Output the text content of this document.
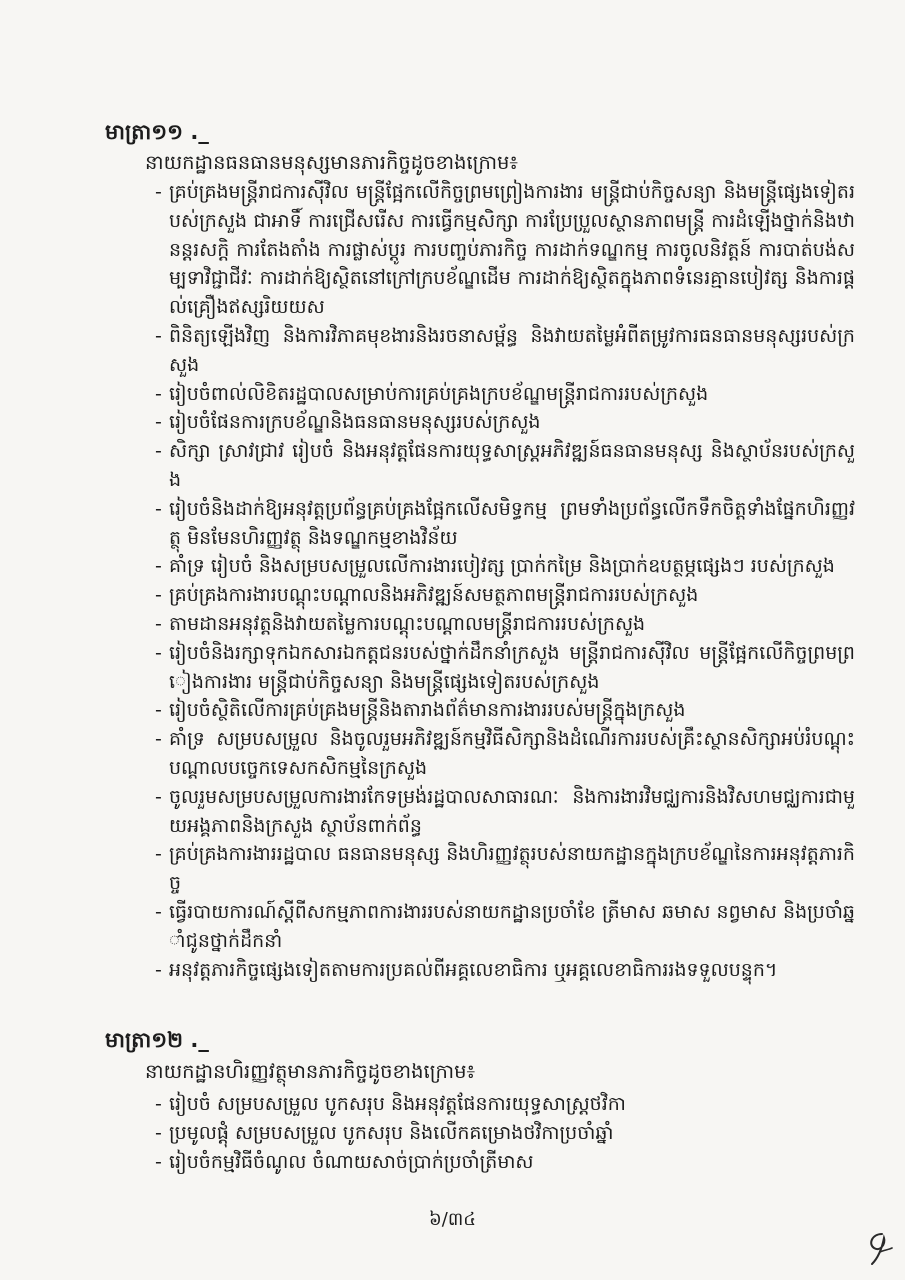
មាត្រា១១ ._
នាយកដ្ឋានធនធានមនុស្សមានភារកិច្ចដូចខាងក្រោម៖
- គ្រប់គ្រងមន្ត្រីរាជការស៊ីវិល មន្ត្រីផ្អែកលើកិច្ចព្រមព្រៀងការងារ មន្ត្រីជាប់កិច្ចសន្យា និងមន្ត្រីផ្សេងទៀតរបស់ក្រសួង ជាអាទិ៍ ការជ្រើសរើស ការធ្វើកម្មសិក្សា ការប្រែប្រួលស្ថានភាពមន្ត្រី ការដំឡើងថ្នាក់និងឋានន្តរសក្តិ ការតែងតាំង ការផ្លាស់ប្តូរ ការបញ្ចប់ភារកិច្ច ការដាក់ទណ្ឌកម្ម ការចូលនិវត្តន៍ ការបាត់បង់សម្បទាវិជ្ជាជីវៈ ការដាក់ឱ្យស្ថិតនៅក្រៅក្របខ័ណ្ឌដើម ការដាក់ឱ្យស្ថិតក្នុងភាពទំនេរគ្មានបៀវត្ស និងការផ្តល់គ្រឿងឥស្សរិយយស
- ពិនិត្យឡើងវិញ និងការវិភាគមុខងារនិងរចនាសម្ព័ន្ធ និងវាយតម្លៃអំពីតម្រូវការធនធានមនុស្សរបស់ក្រសួង
- រៀបចំពាល់លិខិតរដ្ឋបាលសម្រាប់ការគ្រប់គ្រងក្របខ័ណ្ឌមន្ត្រីរាជការរបស់ក្រសួង
- រៀបចំផែនការក្របខ័ណ្ឌនិងធនធានមនុស្សរបស់ក្រសួង
- សិក្សា ស្រាវជ្រាវ រៀបចំ និងអនុវត្តផែនការយុទ្ធសាស្ត្រអភិវឌ្ឍន៍ធនធានមនុស្ស និងស្ថាប័នរបស់ក្រសួង
- រៀបចំនិងដាក់ឱ្យអនុវត្តប្រព័ន្ធគ្រប់គ្រងផ្អែកលើសមិទ្ធកម្ម ព្រមទាំងប្រព័ន្ធលើកទឹកចិត្តទាំងផ្នែកហិរញ្ញវត្ថុ មិនមែនហិរញ្ញវត្ថុ និងទណ្ឌកម្មខាងវិន័យ
- គាំទ្រ រៀបចំ និងសម្របសម្រួលលើការងារបៀវត្ស ប្រាក់កម្រៃ និងប្រាក់ឧបត្ថម្ភផ្សេងៗ របស់ក្រសួង
- គ្រប់គ្រងការងារបណ្តុះបណ្តាលនិងអភិវឌ្ឍន៍សមត្ថភាពមន្ត្រីរាជការរបស់ក្រសួង
- តាមដានអនុវត្តនិងវាយតម្លៃការបណ្តុះបណ្តាលមន្ត្រីរាជការរបស់ក្រសួង
- រៀបចំនិងរក្សាទុកឯកសារឯកត្តជនរបស់ថ្នាក់ដឹកនាំក្រសួង មន្ត្រីរាជការស៊ីវិល មន្ត្រីផ្អែកលើកិច្ចព្រមព្រៀងការងារ មន្ត្រីជាប់កិច្ចសន្យា និងមន្ត្រីផ្សេងទៀតរបស់ក្រសួង
- រៀបចំស្ថិតិលើការគ្រប់គ្រងមន្ត្រីនិងតារាងព័ត៌មានការងាររបស់មន្ត្រីក្នុងក្រសួង
- គាំទ្រ សម្របសម្រួល និងចូលរួមអភិវឌ្ឍន៍កម្មវិធីសិក្សានិងដំណើរការរបស់គ្រឹះស្ថានសិក្សាអប់រំបណ្តុះបណ្តាលបច្ចេកទេសកសិកម្មនៃក្រសួង
- ចូលរួមសម្របសម្រួលការងារកែទម្រង់រដ្ឋបាលសាធារណៈ និងការងារវិមជ្ឈការនិងវិសហមជ្ឈការជាមួយអង្គភាពនិងក្រសួង ស្ថាប័នពាក់ព័ន្ធ
- គ្រប់គ្រងការងាររដ្ឋបាល ធនធានមនុស្ស និងហិរញ្ញវត្ថុរបស់នាយកដ្ឋានក្នុងក្របខ័ណ្ឌនៃការអនុវត្តភារកិច្ច
- ធ្វើរបាយការណ៍ស្តីពីសកម្មភាពការងាររបស់នាយកដ្ឋានប្រចាំខែ ត្រីមាស ឆមាស នព្វមាស និងប្រចាំឆ្នាំជូនថ្នាក់ដឹកនាំ
- អនុវត្តភារកិច្ចផ្សេងទៀតតាមការប្រគល់ពីអគ្គលេខាធិការ ឬអគ្គលេខាធិការរងទទួលបន្ទុក។
មាត្រា១២ ._
នាយកដ្ឋានហិរញ្ញវត្ថុមានភារកិច្ចដូចខាងក្រោម៖
- រៀបចំ សម្របសម្រួល បូកសរុប និងអនុវត្តផែនការយុទ្ធសាស្ត្រថវិកា
- ប្រមូលផ្តុំ សម្របសម្រួល បូកសរុប និងលើកគម្រោងថវិកាប្រចាំឆ្នាំ
- រៀបចំកម្មវិធីចំណូល ចំណាយសាច់ប្រាក់ប្រចាំត្រីមាស
៦/៣៤
